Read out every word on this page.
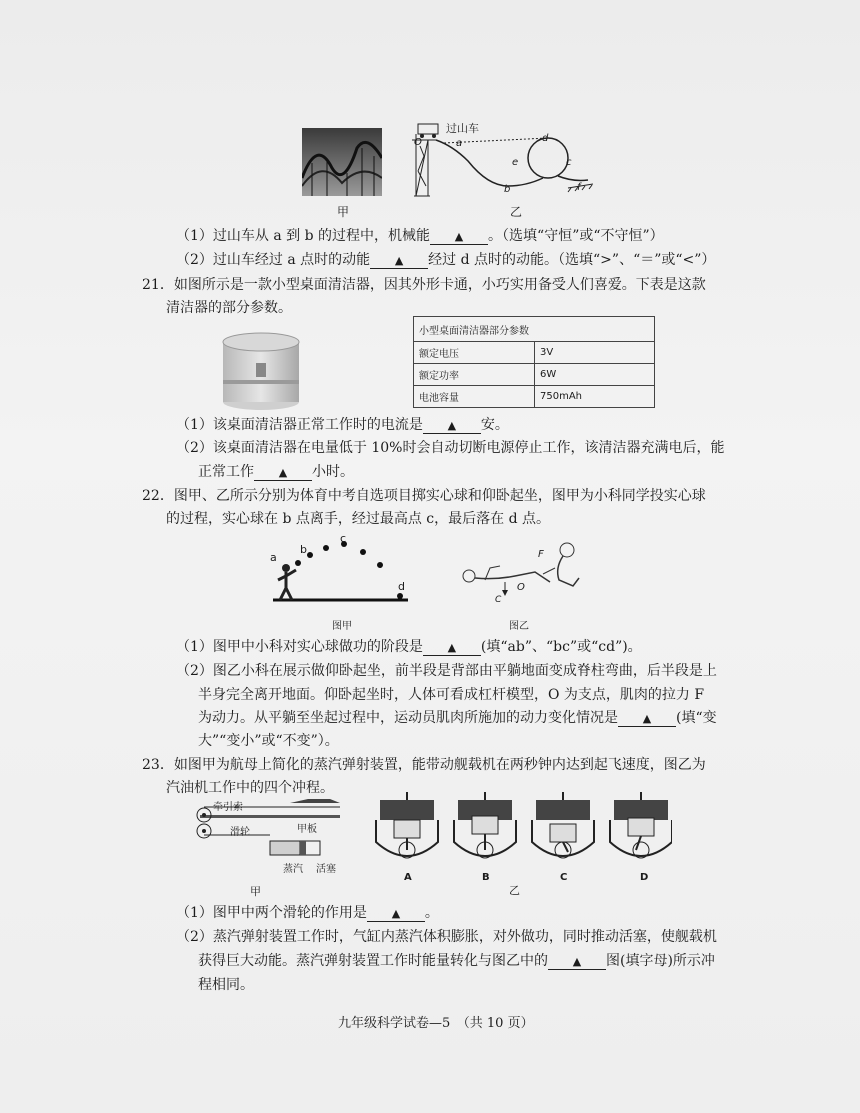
甲
过山车
O	a	d
e	c
b	f
乙
（1）过山车从 a 到 b 的过程中，机械能 ▲ 。（选填“守恒”或“不守恒”）
（2）过山车经过 a 点时的动能 ▲ 经过 d 点时的动能。（选填“>”、“＝”或“<”）
21．如图所示是一款小型桌面清洁器，因其外形卡通，小巧实用备受人们喜爱。下表是这款
清洁器的部分参数。
小型桌面清洁器部分参数	
额定电压	3V
额定功率	6W
电池容量	750mAh
（1）该桌面清洁器正常工作时的电流是 ▲ 安。
（2）该桌面清洁器在电量低于 10%时会自动切断电源停止工作，该清洁器充满电后，能
正常工作 ▲ 小时。
22．图甲、乙所示分别为体育中考自选项目掷实心球和仰卧起坐，图甲为小科同学投实心球
的过程，实心球在 b 点离手，经过最高点 c，最后落在 d 点。
a
b
c
d
图甲
F
O
C
图乙
（1）图甲中小科对实心球做功的阶段是 ▲ (填“ab”、“bc”或“cd”)。
（2）图乙小科在展示做仰卧起坐，前半段是背部由平躺地面变成脊柱弯曲，后半段是上
半身完全离开地面。仰卧起坐时，人体可看成杠杆模型，O 为支点，肌肉的拉力 F
为动力。从平躺至坐起过程中，运动员肌肉所施加的动力变化情况是 ▲ (填“变
大”“变小”或“不变”）。
23．如图甲为航母上简化的蒸汽弹射装置，能带动舰载机在两秒钟内达到起飞速度，图乙为
汽油机工作中的四个冲程。
牵引索
滑轮	甲板
蒸汽 活塞
甲
A	B	C	D
乙
（1）图甲中两个滑轮的作用是 ▲ 。
（2）蒸汽弹射装置工作时，气缸内蒸汽体积膨胀，对外做功，同时推动活塞，使舰载机
获得巨大动能。蒸汽弹射装置工作时能量转化与图乙中的 ▲ 图(填字母)所示冲
程相同。
九年级科学试卷—5　（共 10 页）
